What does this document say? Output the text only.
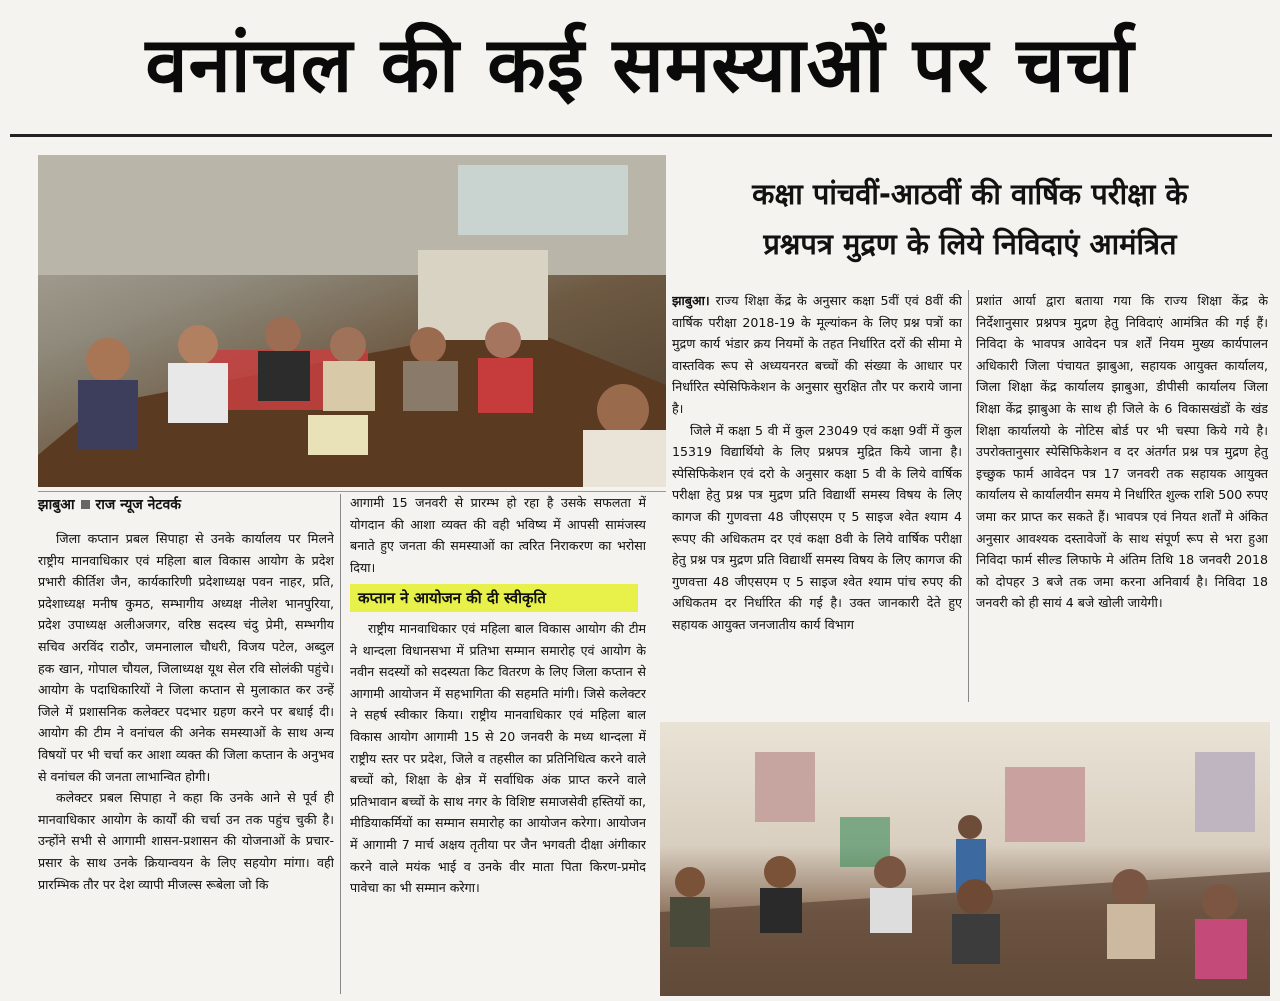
वनांचल की कई समस्याओं पर चर्चा
झाबुआ राज न्यूज नेटवर्क

जिला कप्तान प्रबल सिपाहा से उनके कार्यालय पर मिलने राष्ट्रीय मानवाधिकार एवं महिला बाल विकास आयोग के प्रदेश प्रभारी कीर्तिश जैन, कार्यकारिणी प्रदेशाध्यक्ष पवन नाहर, प्रति, प्रदेशाध्यक्ष मनीष कुमठ, सम्भागीय अध्यक्ष नीलेश भानपुरिया, प्रदेश उपाध्यक्ष अलीअजगर, वरिष्ठ सदस्य चंदु प्रेमी, सम्भगीय सचिव अरविंद राठौर, जमनालाल चौधरी, विजय पटेल, अब्दुल हक खान, गोपाल चौयल, जिलाध्यक्ष यूथ सेल रवि सोलंकी पहुंचे। आयोग के पदाधिकारियों ने जिला कप्तान से मुलाकात कर उन्हें जिले में प्रशासनिक कलेक्टर पदभार ग्रहण करने पर बधाई दी। आयोग की टीम ने वनांचल की अनेक समस्याओं के साथ अन्य विषयों पर भी चर्चा कर आशा व्यक्त की जिला कप्तान के अनुभव से वनांचल की जनता लाभान्वित होगी।

कलेक्टर प्रबल सिपाहा ने कहा कि उनके आने से पूर्व ही मानवाधिकार आयोग के कार्यों की चर्चा उन तक पहुंच चुकी है। उन्होंने सभी से आगामी शासन-प्रशासन की योजनाओं के प्रचार-प्रसार के साथ उनके क्रियान्वयन के लिए सहयोग मांगा। वही प्रारम्भिक तौर पर देश व्यापी मीजल्स रूबेला जो कि

आगामी 15 जनवरी से प्रारम्भ हो रहा है उसके सफलता में योगदान की आशा व्यक्त की वही भविष्य में आपसी सामंजस्य बनाते हुए जनता की समस्याओं का त्वरित निराकरण का भरोसा दिया।

कप्तान ने आयोजन की दी स्वीकृति

राष्ट्रीय मानवाधिकार एवं महिला बाल विकास आयोग की टीम ने थान्दला विधानसभा में प्रतिभा सम्मान समारोह एवं आयोग के नवीन सदस्यों को सदस्यता किट वितरण के लिए जिला कप्तान से आगामी आयोजन में सहभागिता की सहमति मांगी। जिसे कलेक्टर ने सहर्ष स्वीकार किया। राष्ट्रीय मानवाधिकार एवं महिला बाल विकास आयोग आगामी 15 से 20 जनवरी के मध्य थान्दला में राष्ट्रीय स्तर पर प्रदेश, जिले व तहसील का प्रतिनिधित्व करने वाले बच्चों को, शिक्षा के क्षेत्र में सर्वाधिक अंक प्राप्त करने वाले प्रतिभावान बच्चों के साथ नगर के विशिष्ट समाजसेवी हस्तियों का, मीडियाकर्मियों का सम्मान समारोह का आयोजन करेगा। आयोजन में आगामी 7 मार्च अक्षय तृतीया पर जैन भगवती दीक्षा अंगीकार करने वाले मयंक भाई व उनके वीर माता पिता किरण-प्रमोद पावेचा का भी सम्मान करेगा।

कक्षा पांचवीं-आठवीं की वार्षिक परीक्षा के
प्रश्नपत्र मुद्रण के लिये निविदाएं आमंत्रित

झाबुआ। राज्य शिक्षा केंद्र के अनुसार कक्षा 5वीं एवं 8वीं की वार्षिक परीक्षा 2018-19 के मूल्यांकन के लिए प्रश्न पत्रों का मुद्रण कार्य भंडार क्रय नियमों के तहत निर्धारित दरों की सीमा मे वास्तविक रूप से अध्ययनरत बच्चों की संख्या के आधार पर निर्धारित स्पेसिफिकेशन के अनुसार सुरक्षित तौर पर कराये जाना है।

जिले में कक्षा 5 वी में कुल 23049 एवं कक्षा 9वीं में कुल 15319 विद्यार्थियो के लिए प्रश्नपत्र मुद्रित किये जाना है। स्पेसिफिकेशन एवं दरो के अनुसार कक्षा 5 वी के लिये वार्षिक परीक्षा हेतु प्रश्न पत्र मुद्रण प्रति विद्यार्थी समस्य विषय के लिए कागज की गुणवत्ता 48 जीएसएम ए 5 साइज श्वेत श्याम 4 रूपए की अधिकतम दर एवं कक्षा 8वी के लिये वार्षिक परीक्षा हेतु प्रश्न पत्र मुद्रण प्रति विद्यार्थी समस्य विषय के लिए कागज की गुणवत्ता 48 जीएसएम ए 5 साइज श्वेत श्याम पांच रुपए की अधिकतम दर निर्धारित की गई है। उक्त जानकारी देते हुए सहायक आयुक्त जनजातीय कार्य विभाग

प्रशांत आर्या द्वारा बताया गया कि राज्य शिक्षा केंद्र के निर्देशानुसार प्रश्नपत्र मुद्रण हेतु निविदाएं आमंत्रित की गई हैं। निविदा के भावपत्र आवेदन पत्र शर्तें नियम मुख्य कार्यपालन अधिकारी जिला पंचायत झाबुआ, सहायक आयुक्त कार्यालय, जिला शिक्षा केंद्र कार्यालय झाबुआ, डीपीसी कार्यालय जिला शिक्षा केंद्र झाबुआ के साथ ही जिले के 6 विकासखंडों के खंड शिक्षा कार्यालयो के नोटिस बोर्ड पर भी चस्पा किये गये है। उपरोक्तानुसार स्पेसिफिकेशन व दर अंतर्गत प्रश्न पत्र मुद्रण हेतु इच्छुक फार्म आवेदन पत्र 17 जनवरी तक सहायक आयुक्त कार्यालय से कार्यालयीन समय मे निर्धारित शुल्क राशि 500 रुपए जमा कर प्राप्त कर सकते हैं। भावपत्र एवं नियत शर्तों मे अंकित अनुसार आवश्यक दस्तावेजों के साथ संपूर्ण रूप से भरा हुआ निविदा फार्म सील्ड लिफाफे मे अंतिम तिथि 18 जनवरी 2018 को दोपहर 3 बजे तक जमा करना अनिवार्य है। निविदा 18 जनवरी को ही सायं 4 बजे खोली जायेगी।
